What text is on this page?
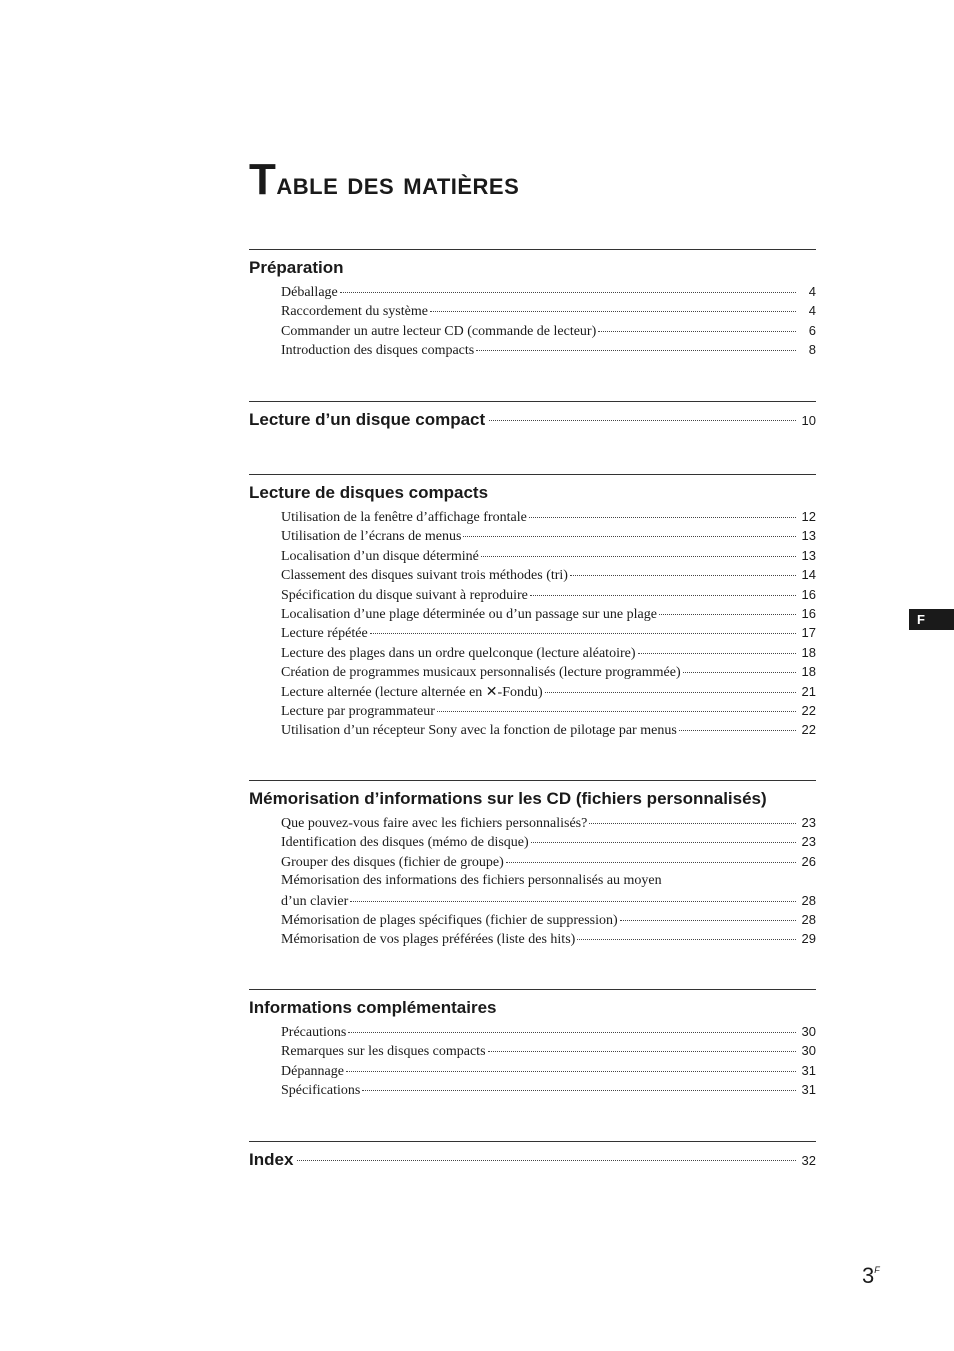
Table des matières
Préparation
Déballage	4
Raccordement du système	4
Commander un autre lecteur CD (commande de lecteur)	6
Introduction des disques compacts	8
Lecture d’un disque compact	10
Lecture de disques compacts
Utilisation de la fenêtre d’affichage frontale	12
Utilisation de l’écrans de menus	13
Localisation d’un disque déterminé	13
Classement des disques suivant trois méthodes (tri)	14
Spécification du disque suivant à reproduire	16
Localisation d’une plage déterminée ou d’un passage sur une plage	16
Lecture répétée	17
Lecture des plages dans un ordre quelconque (lecture aléatoire)	18
Création de programmes musicaux personnalisés (lecture programmée)	18
Lecture alternée (lecture alternée en ✕-Fondu)	21
Lecture par programmateur	22
Utilisation d’un récepteur Sony avec la fonction de pilotage par menus	22
Mémorisation d’informations sur les CD (fichiers personnalisés)
Que pouvez-vous faire avec les fichiers personnalisés?	23
Identification des disques (mémo de disque)	23
Grouper des disques (fichier de groupe)	26
Mémorisation des informations des fichiers personnalisés au moyen
d’un clavier	28
Mémorisation de plages spécifiques (fichier de suppression)	28
Mémorisation de vos plages préférées (liste des hits)	29
Informations complémentaires
Précautions	30
Remarques sur les disques compacts	30
Dépannage	31
Spécifications	31
Index	32
F
$3^F$
